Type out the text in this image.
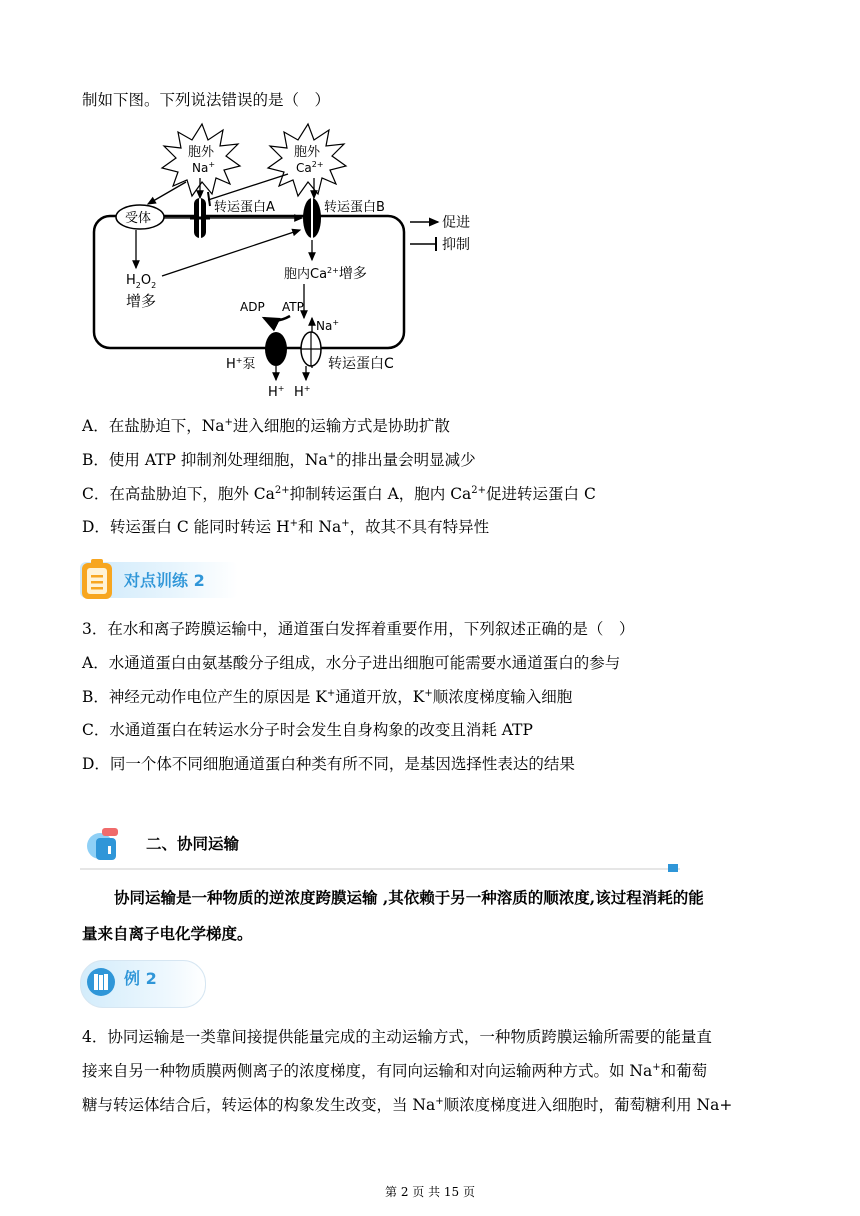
制如下图。下列说法错误的是（　）
胞外
Na+
胞外
$Ca^{2+}$
受体
转运蛋白A	转运蛋白B
促进
抑制
$H_2O_2$
增多
胞内$Ca^{2+}$增多
ADP ATP
Na+
H+泵	转运蛋白C
H+ H+
A．在盐胁迫下，Na+进入细胞的运输方式是协助扩散
B．使用 ATP 抑制剂处理细胞，Na+的排出量会明显减少
C．在高盐胁迫下，胞外 $Ca^{2+}$抑制转运蛋白 A，胞内 $Ca^{2+}$促进转运蛋白 C
D．转运蛋白 C 能同时转运 H+和 Na+，故其不具有特异性
对点训练 2
3．在水和离子跨膜运输中，通道蛋白发挥着重要作用，下列叙述正确的是（　）
A．水通道蛋白由氨基酸分子组成，水分子进出细胞可能需要水通道蛋白的参与
B．神经元动作电位产生的原因是 K+通道开放，K+顺浓度梯度输入细胞
C．水通道蛋白在转运水分子时会发生自身构象的改变且消耗 ATP
D．同一个体不同细胞通道蛋白种类有所不同，是基因选择性表达的结果
二、协同运输
协同运输是一种物质的逆浓度跨膜运输 ,其依赖于另一种溶质的顺浓度,该过程消耗的能
量来自离子电化学梯度。
例 2
4．协同运输是一类靠间接提供能量完成的主动运输方式，一种物质跨膜运输所需要的能量直
接来自另一种物质膜两侧离子的浓度梯度，有同向运输和对向运输两种方式。如 Na+和葡萄
糖与转运体结合后，转运体的构象发生改变，当 Na+顺浓度梯度进入细胞时，葡萄糖利用 Na+
第 2 页 共 15 页
